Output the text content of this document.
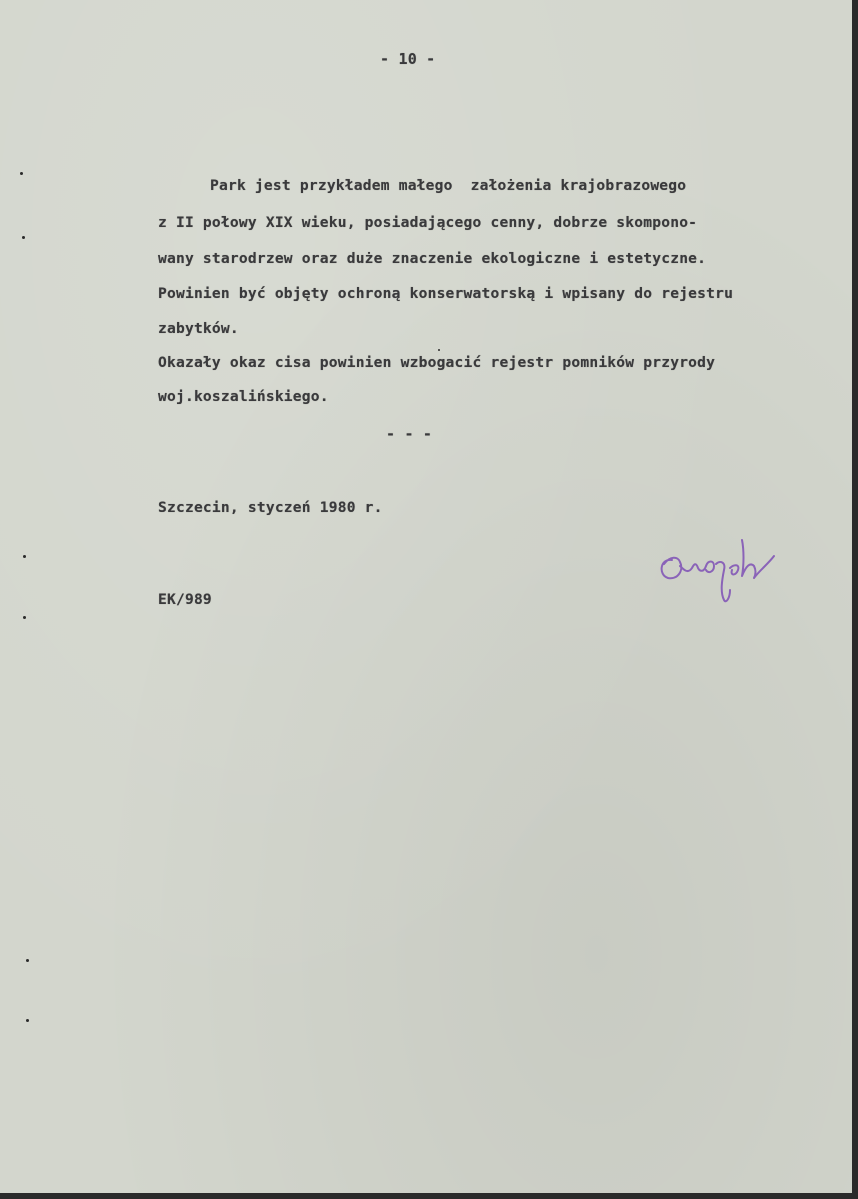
- 10 -
Park jest przykładem małego  założenia krajobrazowego
z II połowy XIX wieku, posiadającego cenny, dobrze skompono-
wany starodrzew oraz duże znaczenie ekologiczne i estetyczne.
Powinien być objęty ochroną konserwatorską i wpisany do rejestru
zabytków.
Okazały okaz cisa powinien wzbogacić rejestr pomników przyrody
woj.koszalińskiego.
- - -
Szczecin, styczeń 1980 r.
EK/989
